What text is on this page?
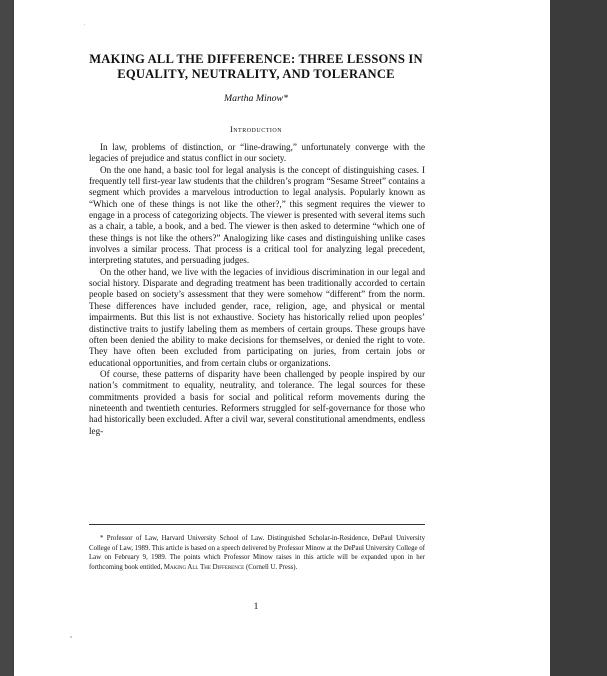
MAKING ALL THE DIFFERENCE: THREE LESSONS IN
EQUALITY, NEUTRALITY, AND TOLERANCE
Martha Minow*
Introduction

In law, problems of distinction, or “line-drawing,” unfortunately converge with the legacies of prejudice and status conflict in our society.

On the one hand, a basic tool for legal analysis is the concept of distinguishing cases. I frequently tell first-year law students that the children’s program “Sesame Street” contains a segment which provides a marvelous introduction to legal analysis. Popularly known as “Which one of these things is not like the other?,” this segment requires the viewer to engage in a process of categorizing objects. The viewer is presented with several items such as a chair, a table, a book, and a bed. The viewer is then asked to determine “which one of these things is not like the others?” Analogizing like cases and distinguishing unlike cases involves a similar process. That process is a critical tool for analyzing legal precedent, interpreting statutes, and persuading judges.

On the other hand, we live with the legacies of invidious discrimination in our legal and social history. Disparate and degrading treatment has been traditionally accorded to certain people based on society’s assessment that they were somehow “different” from the norm. These differences have included gender, race, religion, age, and physical or mental impairments. But this list is not exhaustive. Society has historically relied upon peoples’ distinctive traits to justify labeling them as members of certain groups. These groups have often been denied the ability to make decisions for themselves, or denied the right to vote. They have often been excluded from participating on juries, from certain jobs or educational opportunities, and from certain clubs or organizations.

Of course, these patterns of disparity have been challenged by people inspired by our nation’s commitment to equality, neutrality, and tolerance. The legal sources for these commitments provided a basis for social and political reform movements during the nineteenth and twentieth centuries. Reformers struggled for self-governance for those who had historically been excluded. After a civil war, several constitutional amendments, endless leg-

* Professor of Law, Harvard University School of Law. Distinguished Scholar-in-Residence, DePaul University College of Law, 1989. This article is based on a speech delivered by Professor Minow at the DePaul University College of Law on February 9, 1989. The points which Professor Minow raises in this article will be expanded upon in her forthcoming book entitled, Making All The Difference (Cornell U. Press).
1
